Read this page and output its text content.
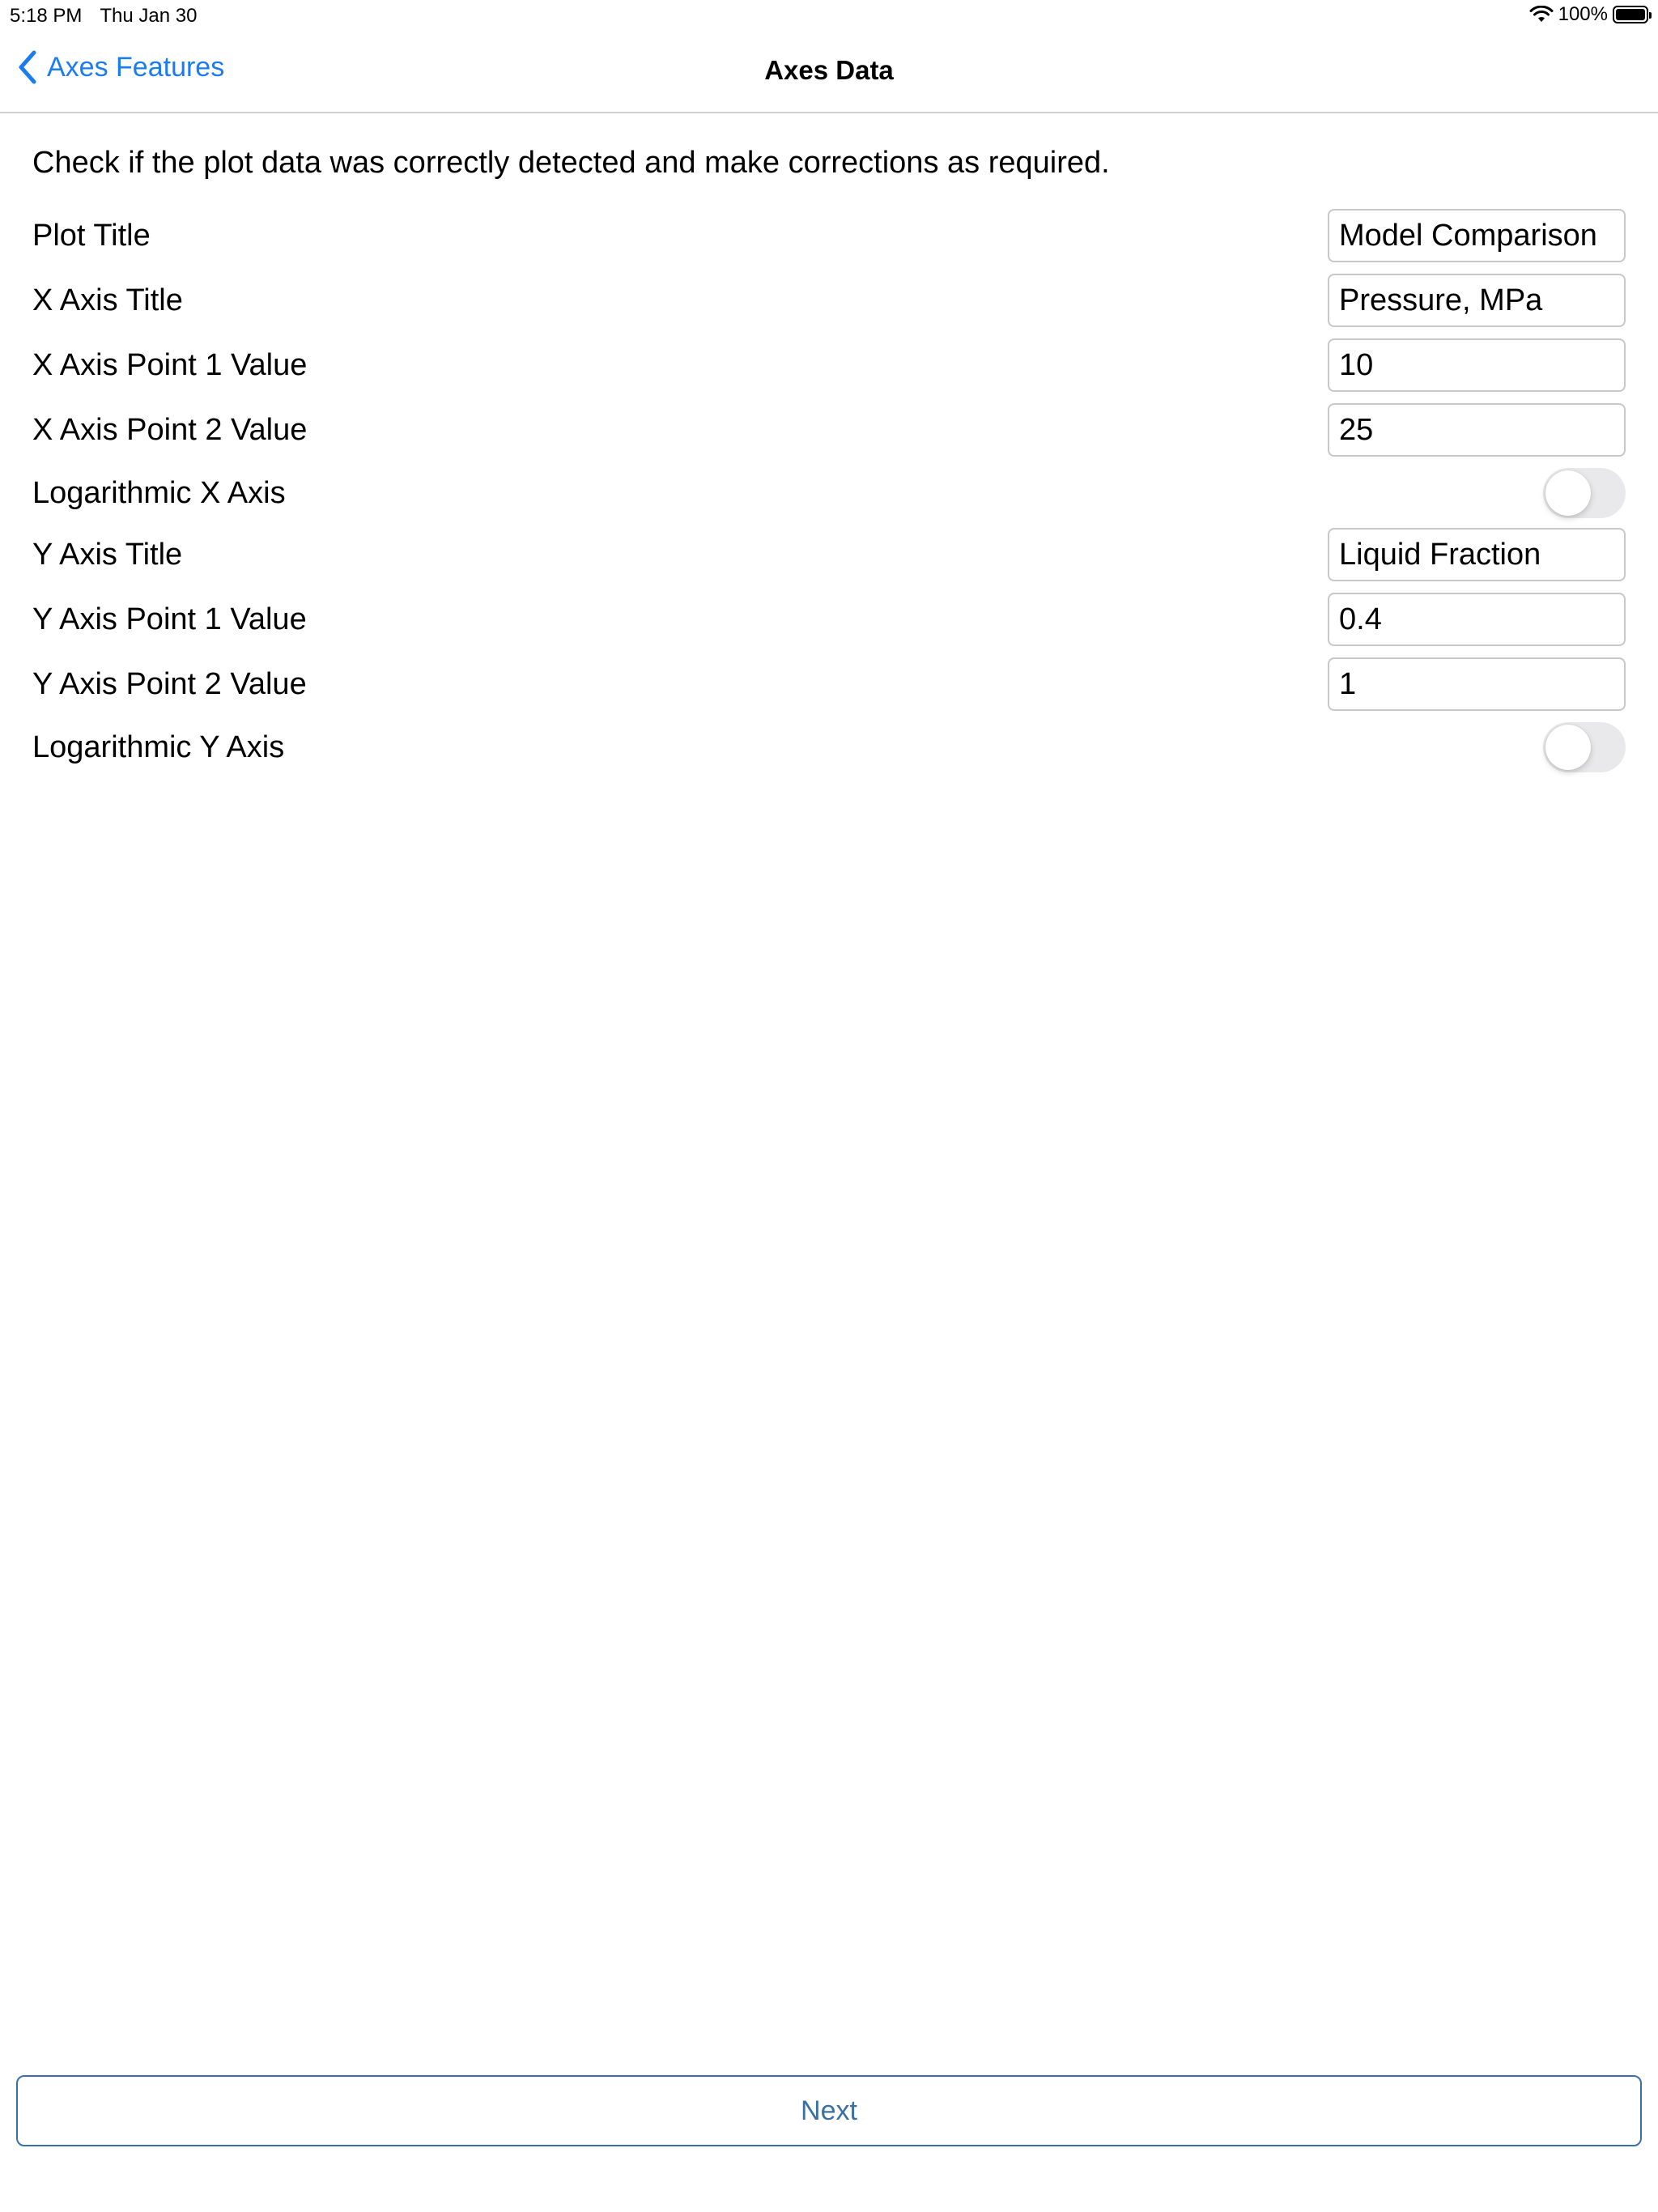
5:18 PM Thu Jan 30	100%
Axes Features	Axes Data
Check if the plot data was correctly detected and make corrections as required.
Plot Title
Model Comparison
X Axis Title
Pressure, MPa
X Axis Point 1 Value
10
X Axis Point 2 Value
25
Logarithmic X Axis
Y Axis Title
Liquid Fraction
Y Axis Point 1 Value
0.4
Y Axis Point 2 Value
1
Logarithmic Y Axis
Next
